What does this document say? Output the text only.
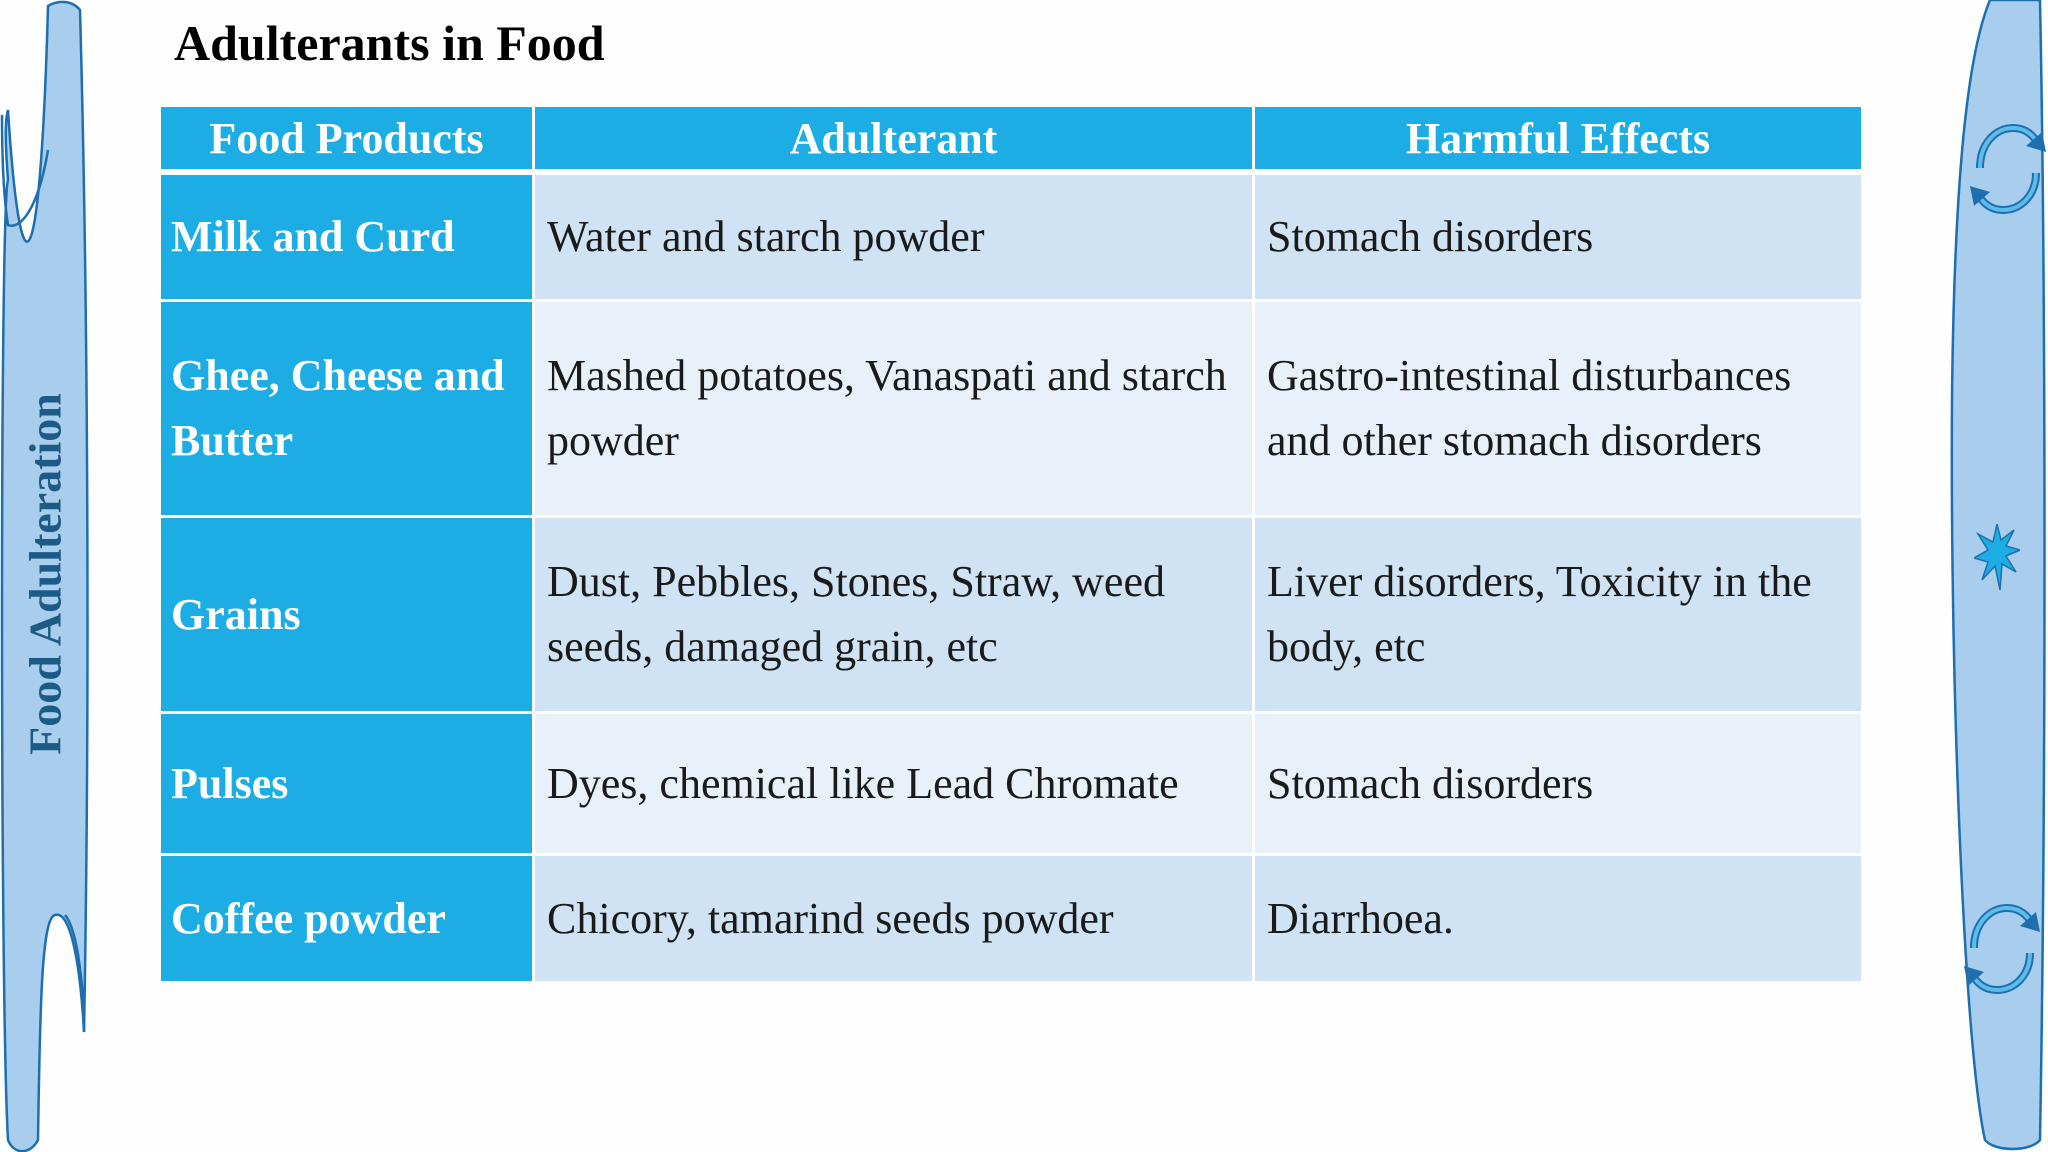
Food Adulteration
Adulterants in Food
Food Products	Adulterant	Harmful Effects
Milk and Curd	Water and starch powder	Stomach disorders
Ghee, Cheese and Butter	Mashed potatoes, Vanaspati and starch powder	Gastro-intestinal disturbances and other stomach disorders
Grains	Dust, Pebbles, Stones, Straw, weed seeds, damaged grain, etc	Liver disorders, Toxicity in the body, etc
Pulses	Dyes, chemical like Lead Chromate	Stomach disorders
Coffee powder	Chicory, tamarind seeds powder	Diarrhoea.
